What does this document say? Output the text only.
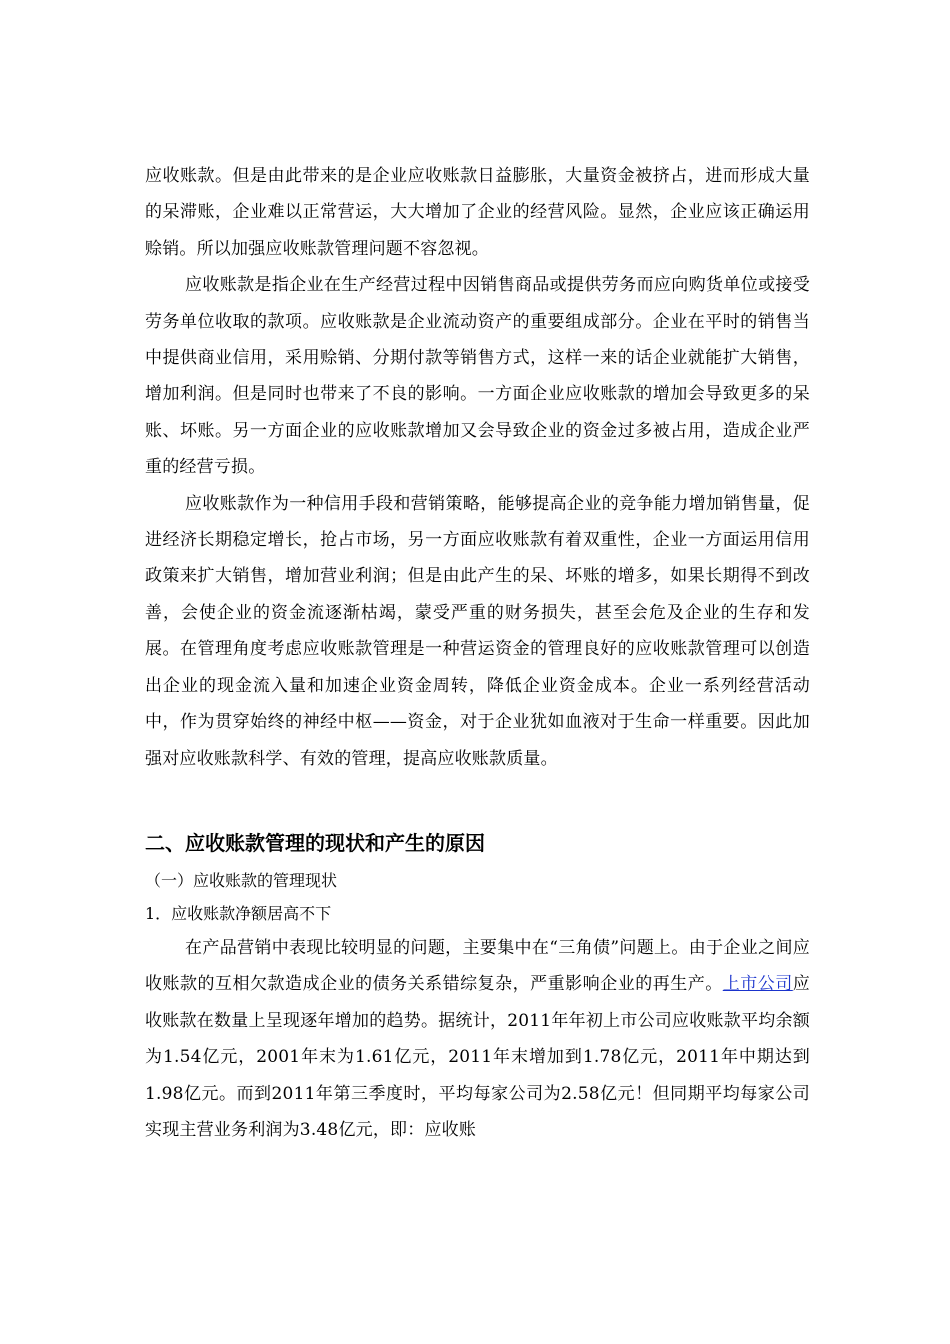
应收账款。但是由此带来的是企业应收账款日益膨胀，大量资金被挤占，进而形成大量的呆滞账，企业难以正常营运，大大增加了企业的经营风险。显然，企业应该正确运用赊销。所以加强应收账款管理问题不容忽视。

应收账款是指企业在生产经营过程中因销售商品或提供劳务而应向购货单位或接受劳务单位收取的款项。应收账款是企业流动资产的重要组成部分。企业在平时的销售当中提供商业信用，采用赊销、分期付款等销售方式，这样一来的话企业就能扩大销售，增加利润。但是同时也带来了不良的影响。一方面企业应收账款的增加会导致更多的呆账、坏账。另一方面企业的应收账款增加又会导致企业的资金过多被占用，造成企业严重的经营亏损。

应收账款作为一种信用手段和营销策略，能够提高企业的竞争能力增加销售量，促进经济长期稳定增长，抢占市场，另一方面应收账款有着双重性，企业一方面运用信用政策来扩大销售，增加营业利润；但是由此产生的呆、坏账的增多，如果长期得不到改善，会使企业的资金流逐渐枯竭，蒙受严重的财务损失，甚至会危及企业的生存和发展。在管理角度考虑应收账款管理是一种营运资金的管理良好的应收账款管理可以创造出企业的现金流入量和加速企业资金周转，降低企业资金成本。企业一系列经营活动中，作为贯穿始终的神经中枢——资金，对于企业犹如血液对于生命一样重要。因此加强对应收账款科学、有效的管理，提高应收账款质量。

二、应收账款管理的现状和产生的原因

（一）应收账款的管理现状

1．应收账款净额居高不下

在产品营销中表现比较明显的问题，主要集中在“三角债”问题上。由于企业之间应收账款的互相欠款造成企业的债务关系错综复杂，严重影响企业的再生产。上市公司应收账款在数量上呈现逐年增加的趋势。据统计，2011年年初上市公司应收账款平均余额为1.54亿元，2001年末为1.61亿元，2011年末增加到1.78亿元，2011年中期达到1.98亿元。而到2011年第三季度时，平均每家公司为2.58亿元！但同期平均每家公司实现主营业务利润为3.48亿元，即：应收账
